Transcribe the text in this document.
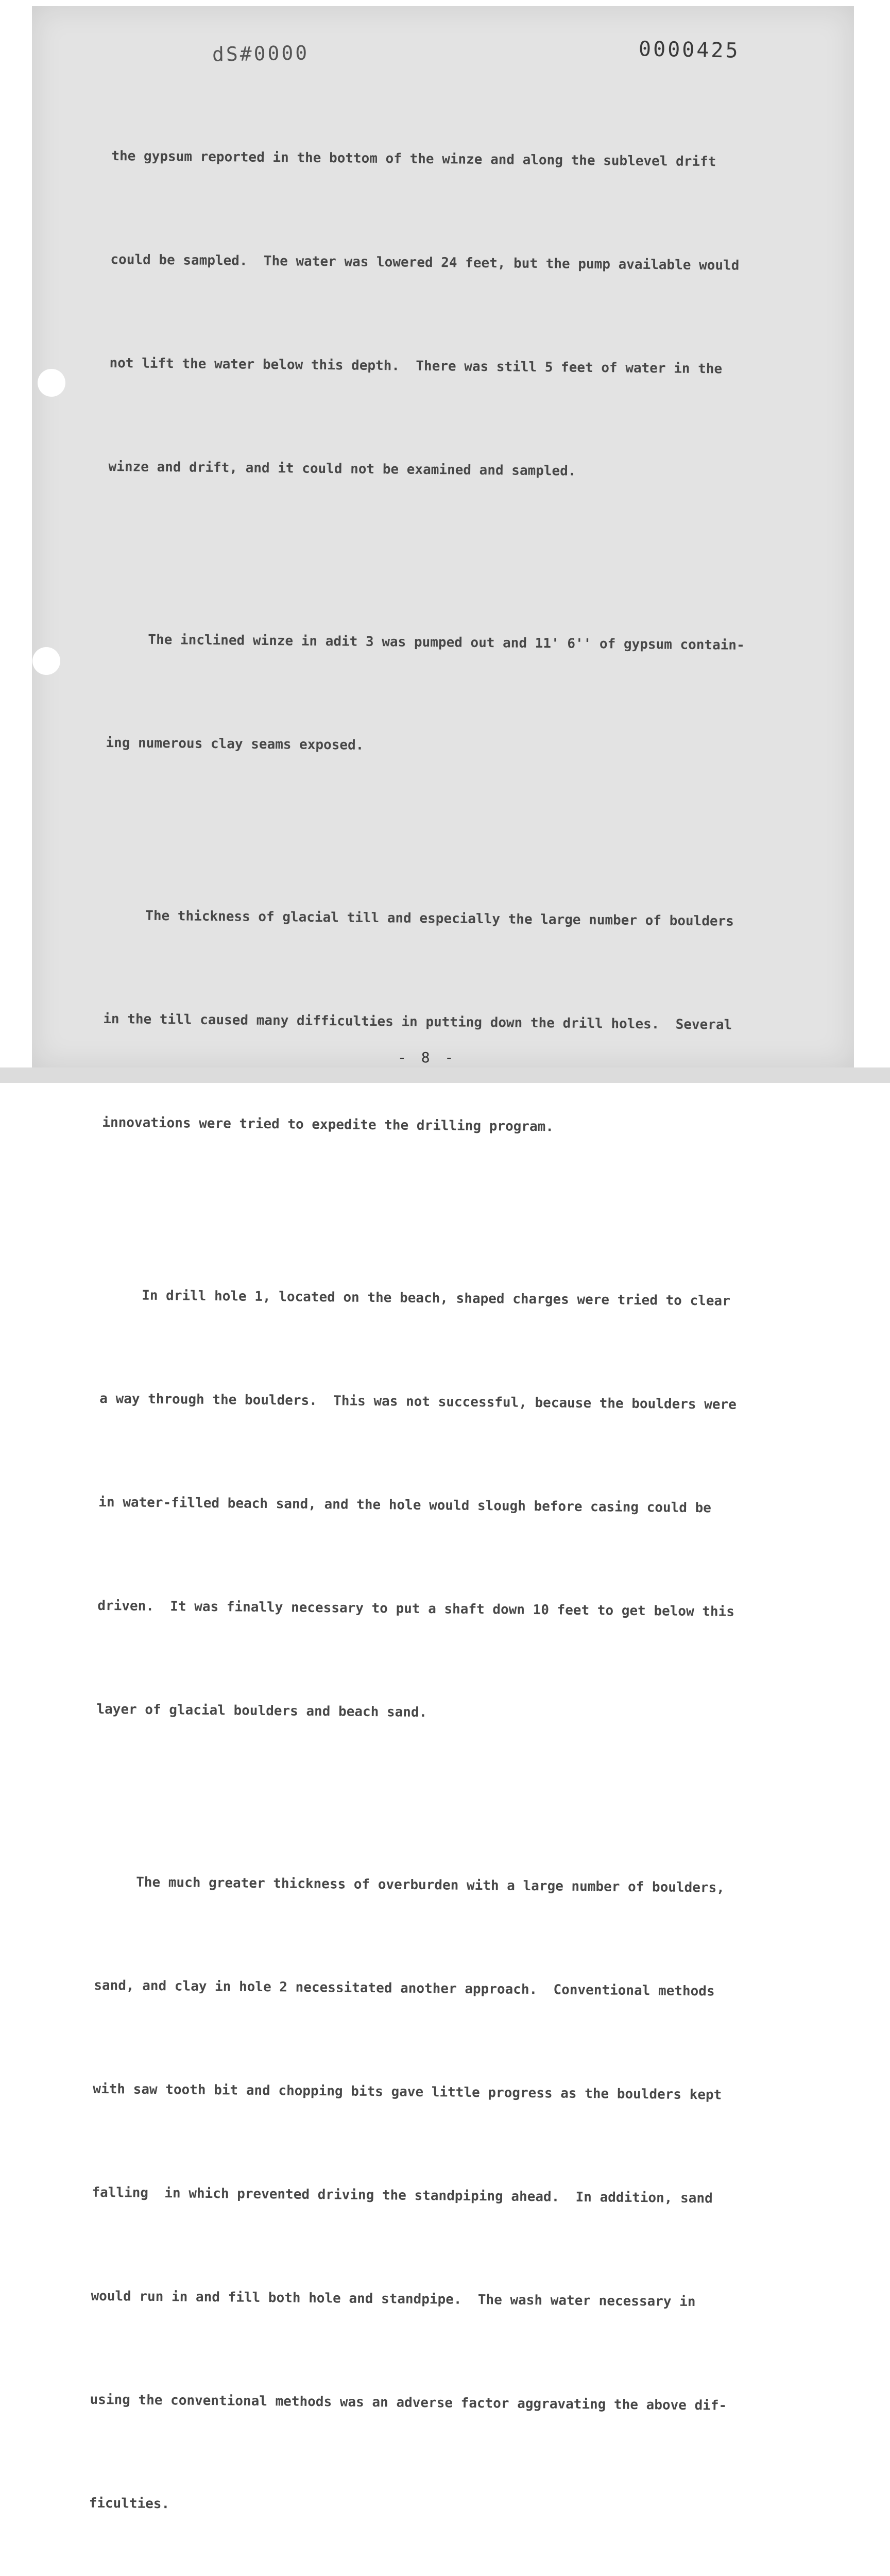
dS#0000	0000425

the gypsum reported in the bottom of the winze and along the sublevel drift

could be sampled.  The water was lowered 24 feet, but the pump available would

not lift the water below this depth.  There was still 5 feet of water in the

winze and drift, and it could not be examined and sampled.

The inclined winze in adit 3 was pumped out and 11' 6'' of gypsum contain-

ing numerous clay seams exposed.

The thickness of glacial till and especially the large number of boulders

in the till caused many difficulties in putting down the drill holes.  Several

innovations were tried to expedite the drilling program.

In drill hole 1, located on the beach, shaped charges were tried to clear

a way through the boulders.  This was not successful, because the boulders were

in water-filled beach sand, and the hole would slough before casing could be

driven.  It was finally necessary to put a shaft down 10 feet to get below this

layer of glacial boulders and beach sand.

The much greater thickness of overburden with a large number of boulders,

sand, and clay in hole 2 necessitated another approach.  Conventional methods

with saw tooth bit and chopping bits gave little progress as the boulders kept

falling  in which prevented driving the standpiping ahead.  In addition, sand

would run in and fill both hole and standpipe.  The wash water necessary in

using the conventional methods was an adverse factor aggravating the above dif-

ficulties.

- 8 -
